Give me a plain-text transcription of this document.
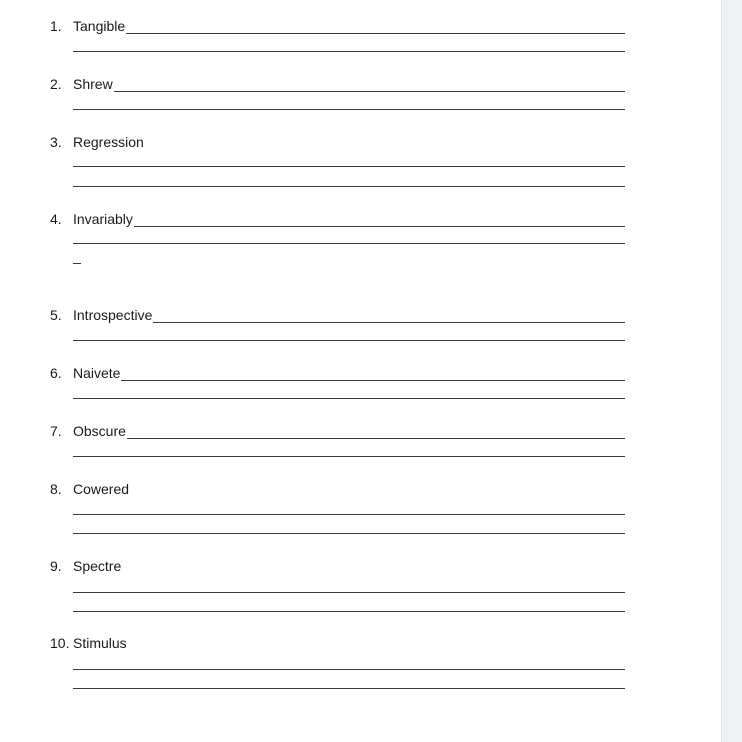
1. Tangible
2. Shrew
3. Regression
4. Invariably
5. Introspective
6. Naivete
7. Obscure
8. Cowered
9. Spectre
10. Stimulus
